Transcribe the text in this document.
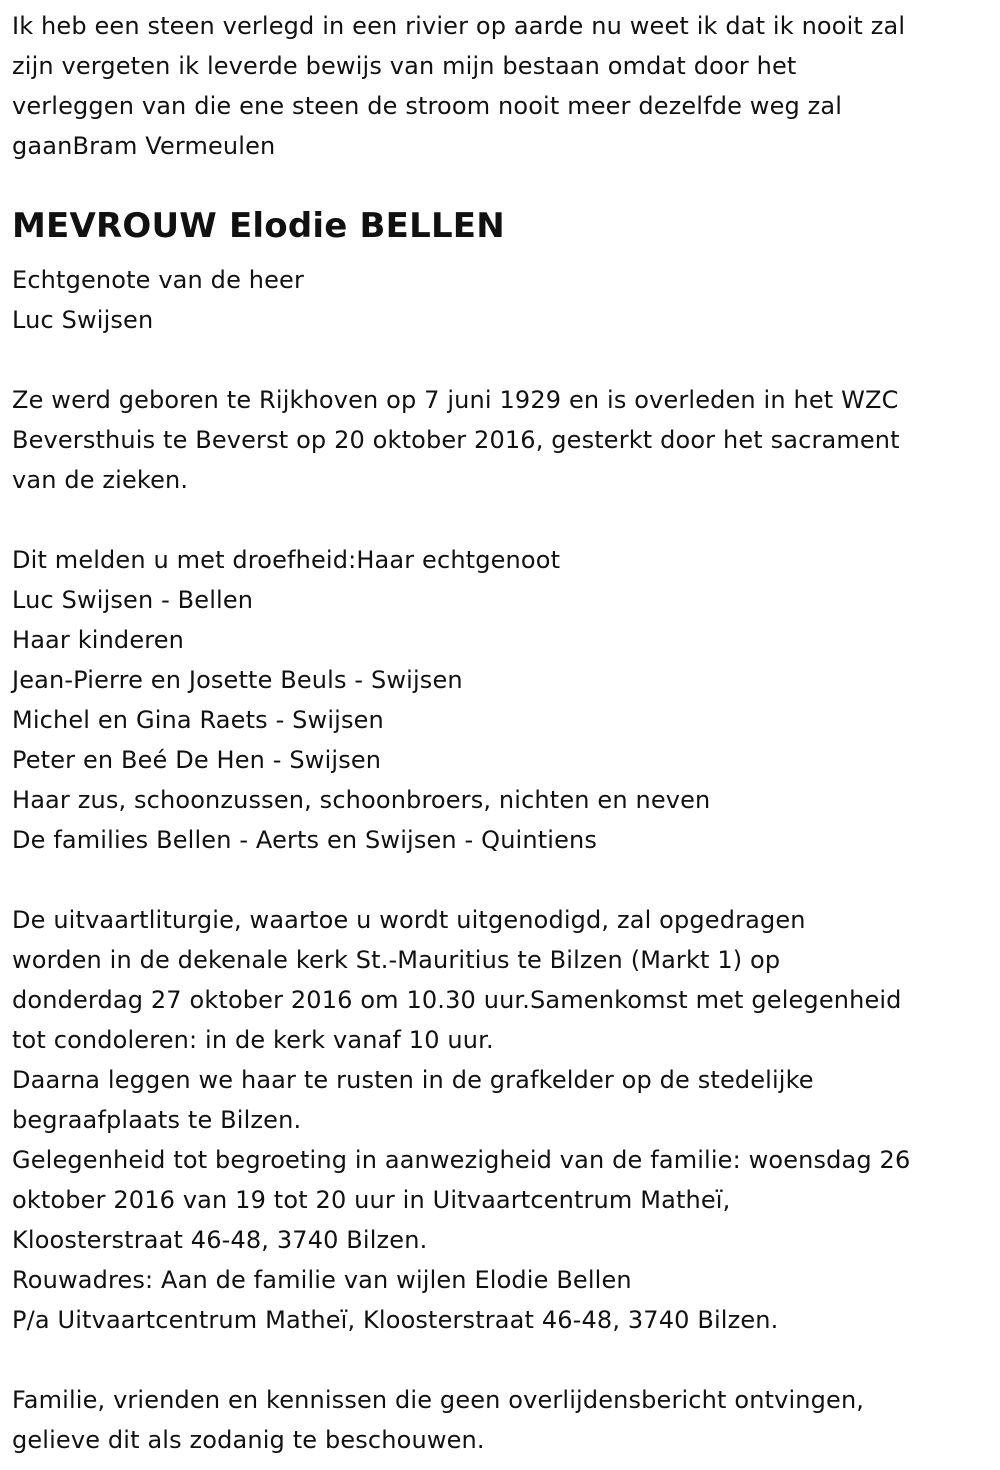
Ik heb een steen verlegd in een rivier op aarde nu weet ik dat ik nooit zal
zijn vergeten ik leverde bewijs van mijn bestaan omdat door het
verleggen van die ene steen de stroom nooit meer dezelfde weg zal
gaanBram Vermeulen
MEVROUW Elodie BELLEN
Echtgenote van de heer
Luc Swijsen
Ze werd geboren te Rijkhoven op 7 juni 1929 en is overleden in het WZC
Beversthuis te Beverst op 20 oktober 2016, gesterkt door het sacrament
van de zieken.
Dit melden u met droefheid:Haar echtgenoot
Luc Swijsen - Bellen
Haar kinderen
Jean-Pierre en Josette Beuls - Swijsen
Michel en Gina Raets - Swijsen
Peter en Beé De Hen - Swijsen
Haar zus, schoonzussen, schoonbroers, nichten en neven
De families Bellen - Aerts en Swijsen - Quintiens
De uitvaartliturgie, waartoe u wordt uitgenodigd, zal opgedragen
worden in de dekenale kerk St.-Mauritius te Bilzen (Markt 1) op
donderdag 27 oktober 2016 om 10.30 uur.Samenkomst met gelegenheid
tot condoleren: in de kerk vanaf 10 uur.
Daarna leggen we haar te rusten in de grafkelder op de stedelijke
begraafplaats te Bilzen.
Gelegenheid tot begroeting in aanwezigheid van de familie: woensdag 26
oktober 2016 van 19 tot 20 uur in Uitvaartcentrum Matheï,
Kloosterstraat 46-48, 3740 Bilzen.
Rouwadres: Aan de familie van wijlen Elodie Bellen
P/a Uitvaartcentrum Matheï, Kloosterstraat 46-48, 3740 Bilzen.
Familie, vrienden en kennissen die geen overlijdensbericht ontvingen,
gelieve dit als zodanig te beschouwen.
